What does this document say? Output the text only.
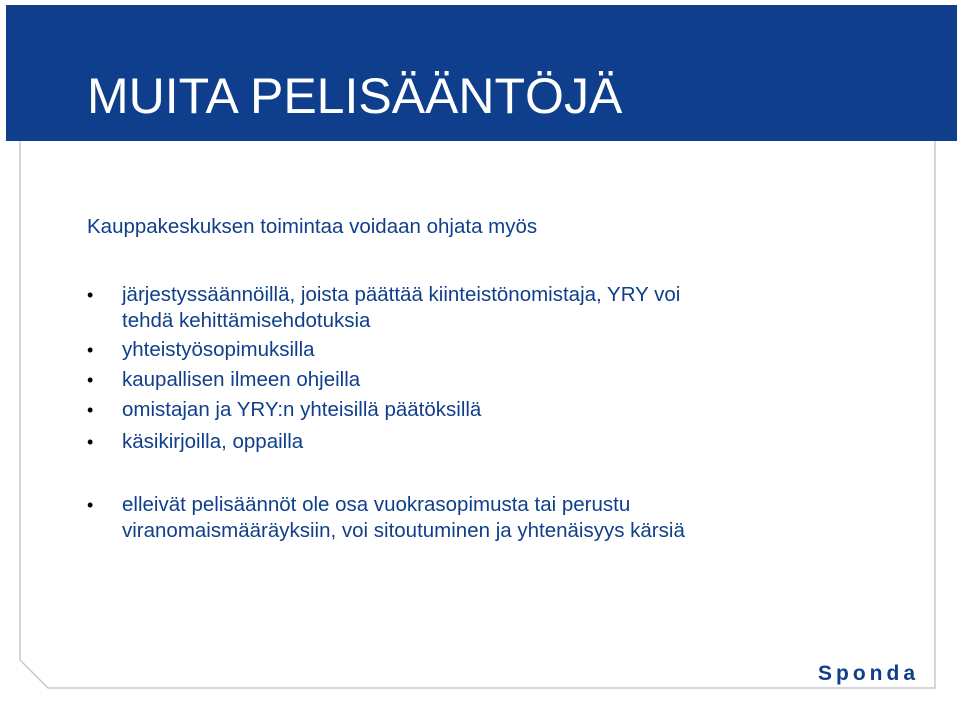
MUITA PELISÄÄNTÖJÄ
Kauppakeskuksen toimintaa voidaan ohjata myös
• järjestyssäännöillä, joista päättää kiinteistönomistaja, YRY voi tehdä kehittämisehdotuksia
• yhteistyösopimuksilla
• kaupallisen ilmeen ohjeilla
• omistajan ja YRY:n yhteisillä päätöksillä
• käsikirjoilla, oppailla
• elleivät pelisäännöt ole osa vuokrasopimusta tai perustu viranomaismääräyksiin, voi sitoutuminen ja yhtenäisyys kärsiä
Sponda
